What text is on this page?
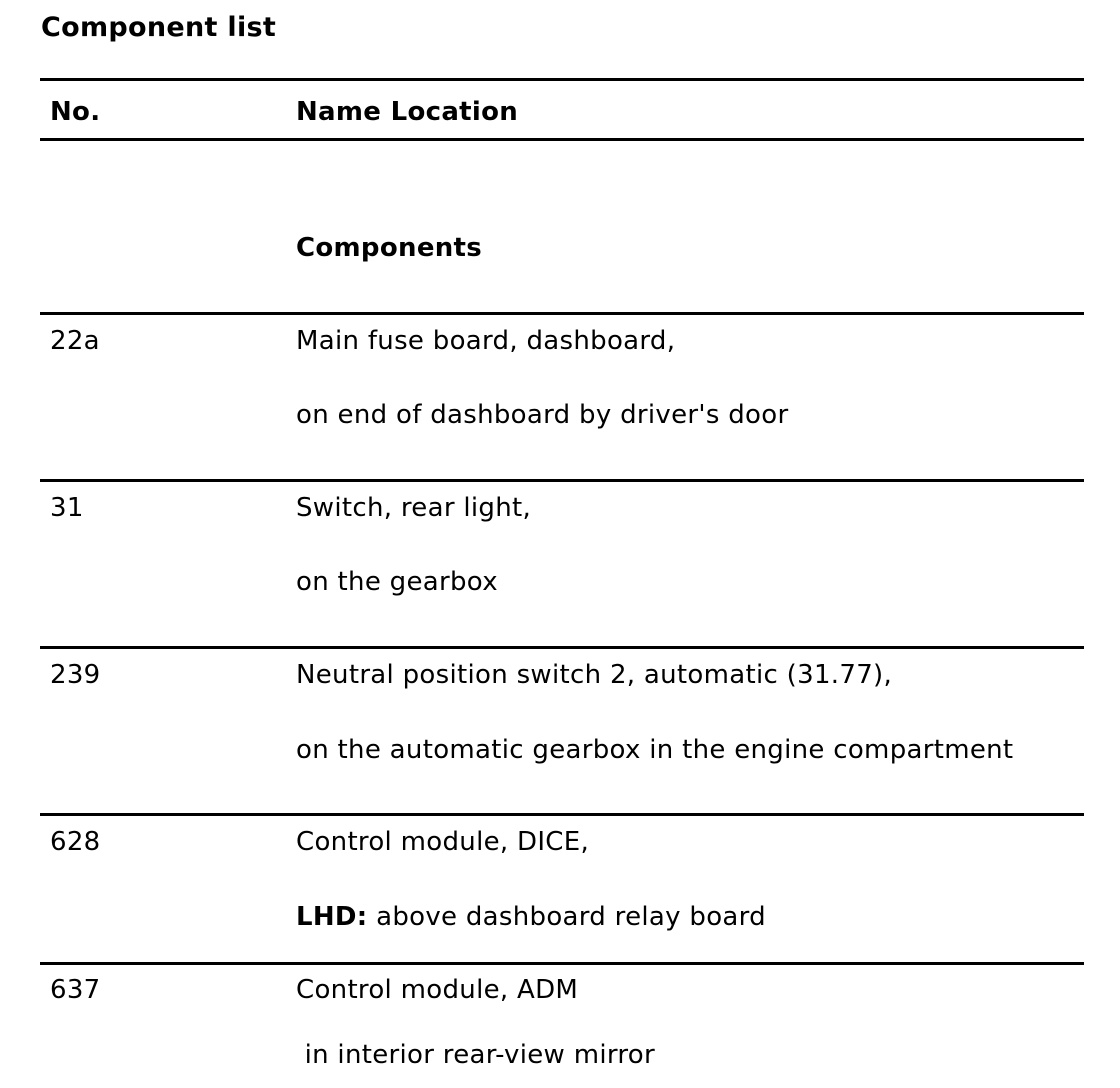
Component list
No.	Name Location
Components
22a	Main fuse board, dashboard,
on end of dashboard by driver's door
31	Switch, rear light,
on the gearbox
239	Neutral position switch 2, automatic (31.77),
on the automatic gearbox in the engine compartment
628	Control module, DICE,
LHD: above dashboard relay board
637	Control module, ADM
in interior rear-view mirror
